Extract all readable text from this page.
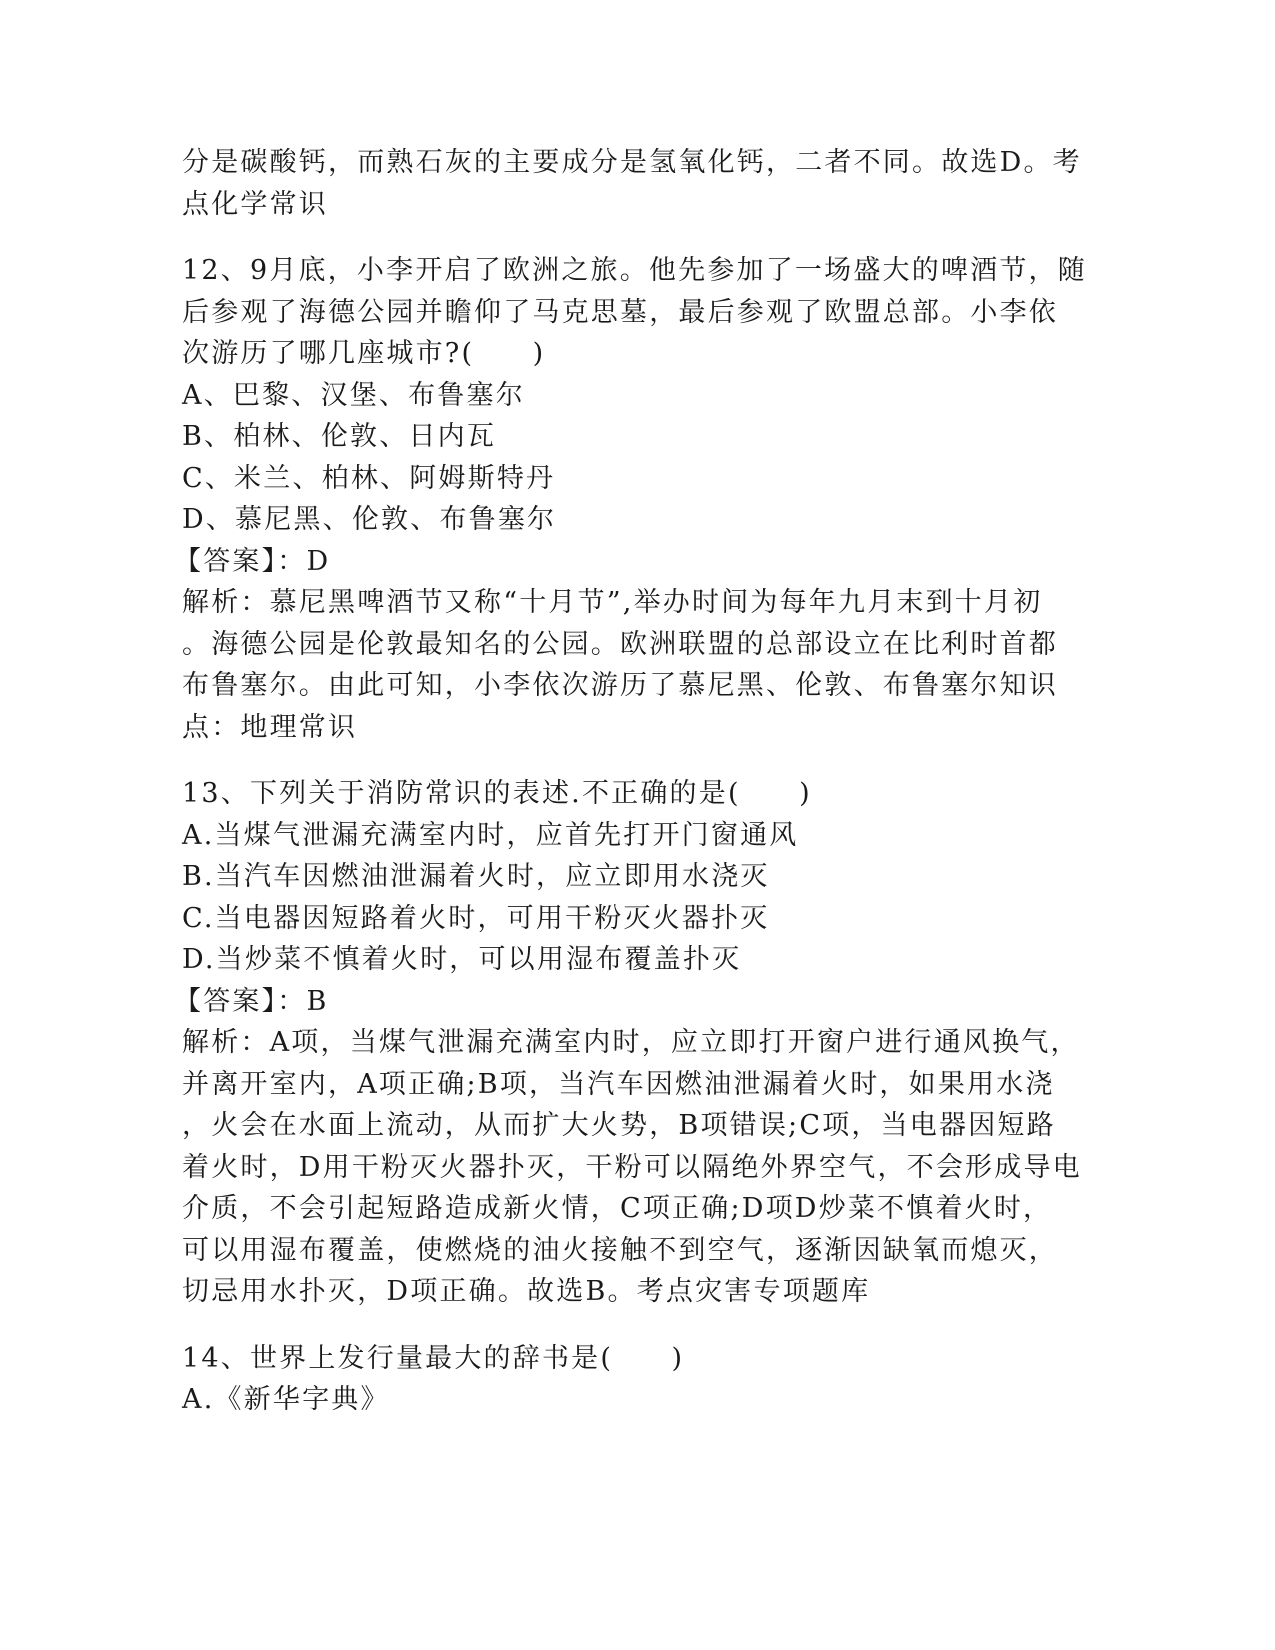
分是碳酸钙，而熟石灰的主要成分是氢氧化钙，二者不同。故选D。考
点化学常识
12、9月底，小李开启了欧洲之旅。他先参加了一场盛大的啤酒节，随
后参观了海德公园并瞻仰了马克思墓，最后参观了欧盟总部。小李依
次游历了哪几座城市?(　　)
A、巴黎、汉堡、布鲁塞尔
B、柏林、伦敦、日内瓦
C、米兰、柏林、阿姆斯特丹
D、慕尼黑、伦敦、布鲁塞尔
【答案】：D
解析：慕尼黑啤酒节又称“十月节”,举办时间为每年九月末到十月初
。海德公园是伦敦最知名的公园。欧洲联盟的总部设立在比利时首都
布鲁塞尔。由此可知，小李依次游历了慕尼黑、伦敦、布鲁塞尔知识
点：地理常识
13、下列关于消防常识的表述.不正确的是(　　)
A.当煤气泄漏充满室内时，应首先打开门窗通风
B.当汽车因燃油泄漏着火时，应立即用水浇灭
C.当电器因短路着火时，可用干粉灭火器扑灭
D.当炒菜不慎着火时，可以用湿布覆盖扑灭
【答案】：B
解析：A项，当煤气泄漏充满室内时，应立即打开窗户进行通风换气，
并离开室内，A项正确;B项，当汽车因燃油泄漏着火时，如果用水浇
，火会在水面上流动，从而扩大火势，B项错误;C项，当电器因短路
着火时，D用干粉灭火器扑灭，干粉可以隔绝外界空气，不会形成导电
介质，不会引起短路造成新火情，C项正确;D项D炒菜不慎着火时，
可以用湿布覆盖，使燃烧的油火接触不到空气，逐渐因缺氧而熄灭，
切忌用水扑灭，D项正确。故选B。考点灾害专项题库
14、世界上发行量最大的辞书是(　　)
A.《新华字典》
